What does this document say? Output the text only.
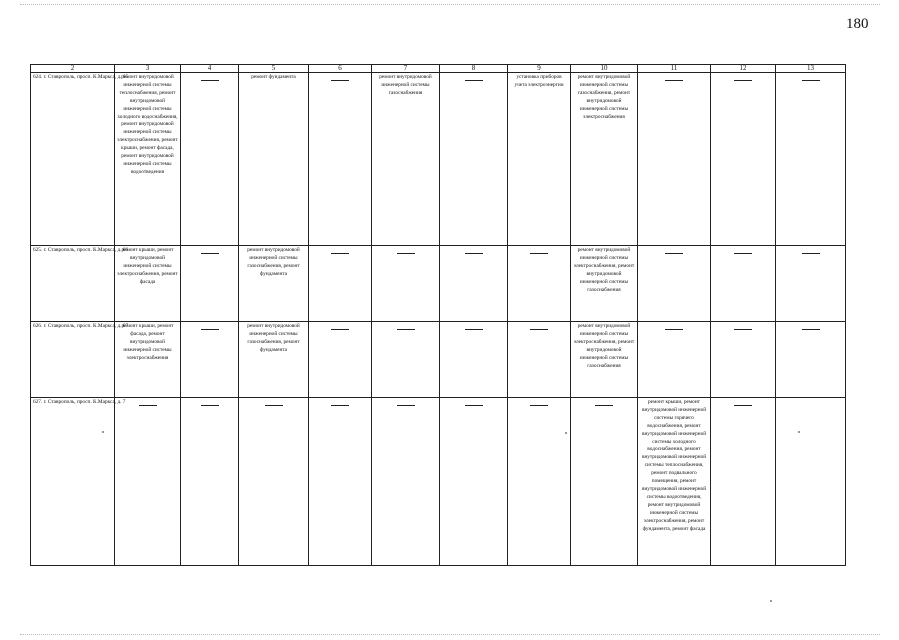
180
2	3	4	5	6	7	8	9	10	11	12	13
624. г. Ставрополь, просп. К.Маркса, д. 65	ремонт внутридомовой инженерной системы теплоснабжения, ремонт внутридомовой инженерной системы холодного водоснабжения, ремонт внутридомовой инженерной системы электроснабжения, ремонт крыши, ремонт фасада, ремонт внутридомовой инженерной системы водоотведения		ремонт фундамента		ремонт внутридомовой инженерной системы газоснабжения		установка приборов учета электроэнергии	ремонт внутридомовой инженерной системы газоснабжения, ремонт внутридомовой инженерной системы электроснабжения	

625. г. Ставрополь, просп. К.Маркса, д. 66	ремонт крыши, ремонт внутридомовой инженерной системы электроснабжения, ремонт фасада		ремонт внутридомовой инженерной системы газоснабжения, ремонт фундамента					ремонт внутридомовой инженерной системы электроснабжения, ремонт внутридомовой инженерной системы газоснабжения	

626. г. Ставрополь, просп. К.Маркса, д. 67	ремонт крыши, ремонт фасада, ремонт внутридомовой инженерной системы электроснабжения		ремонт внутридомовой инженерной системы газоснабжения, ремонт фундамента					ремонт внутридомовой инженерной системы электроснабжения, ремонт внутридомовой инженерной системы газоснабжения	

627. г. Ставрополь, просп. К.Маркса, д. 7									ремонт крыши, ремонт внутридомовой инженерной системы горячего водоснабжения, ремонт внутридомовой инженерной системы холодного водоснабжения, ремонт внутридомовой инженерной системы теплоснабжения, ремонт подвального помещения, ремонт внутридомовой инженерной системы водоотведения, ремонт внутридомовой инженерной системы электроснабжения, ремонт фундамента, ремонт фасада	
